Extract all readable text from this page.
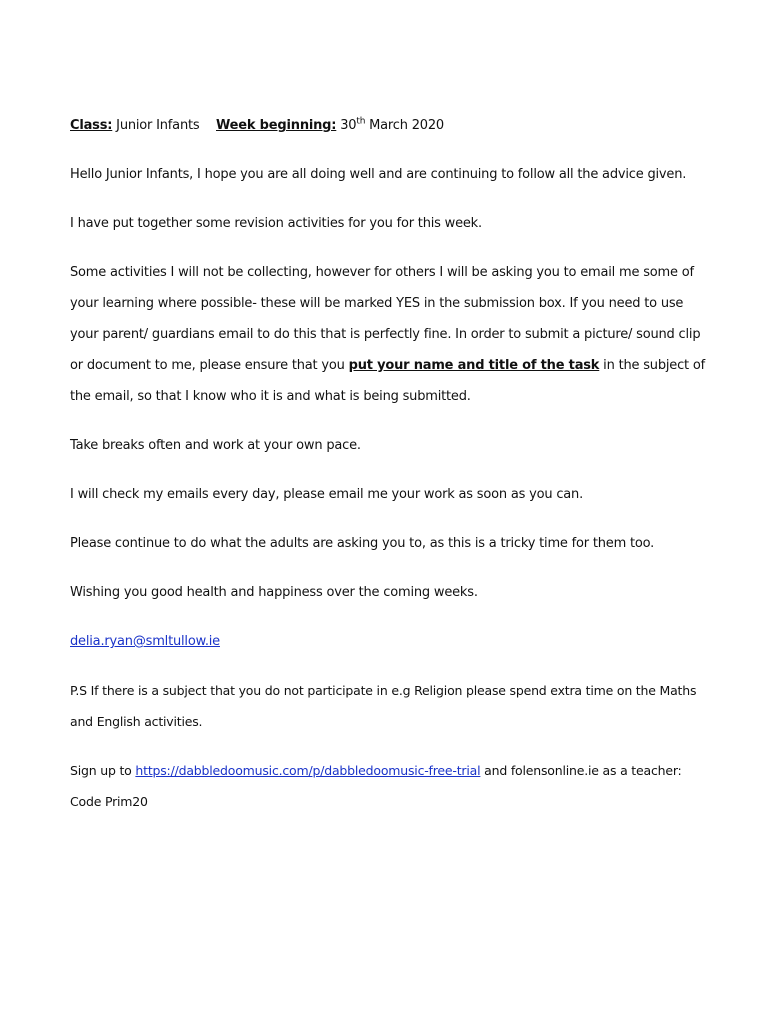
Class: Junior Infants	Week beginning: 30th March 2020

Hello Junior Infants, I hope you are all doing well and are continuing to follow all the advice given.

I have put together some revision activities for you for this week.

Some activities I will not be collecting, however for others I will be asking you to email me some of your learning where possible- these will be marked YES in the submission box. If you need to use your parent/ guardians email to do this that is perfectly fine. In order to submit a picture/ sound clip or document to me, please ensure that you put your name and title of the task in the subject of the email, so that I know who it is and what is being submitted.

Take breaks often and work at your own pace.

I will check my emails every day, please email me your work as soon as you can.

Please continue to do what the adults are asking you to, as this is a tricky time for them too.

Wishing you good health and happiness over the coming weeks.

delia.ryan@smltullow.ie

P.S If there is a subject that you do not participate in e.g Religion please spend extra time on the Maths and English activities.

Sign up to https://dabbledoomusic.com/p/dabbledoomusic-free-trial and folensonline.ie as a teacher: Code Prim20
